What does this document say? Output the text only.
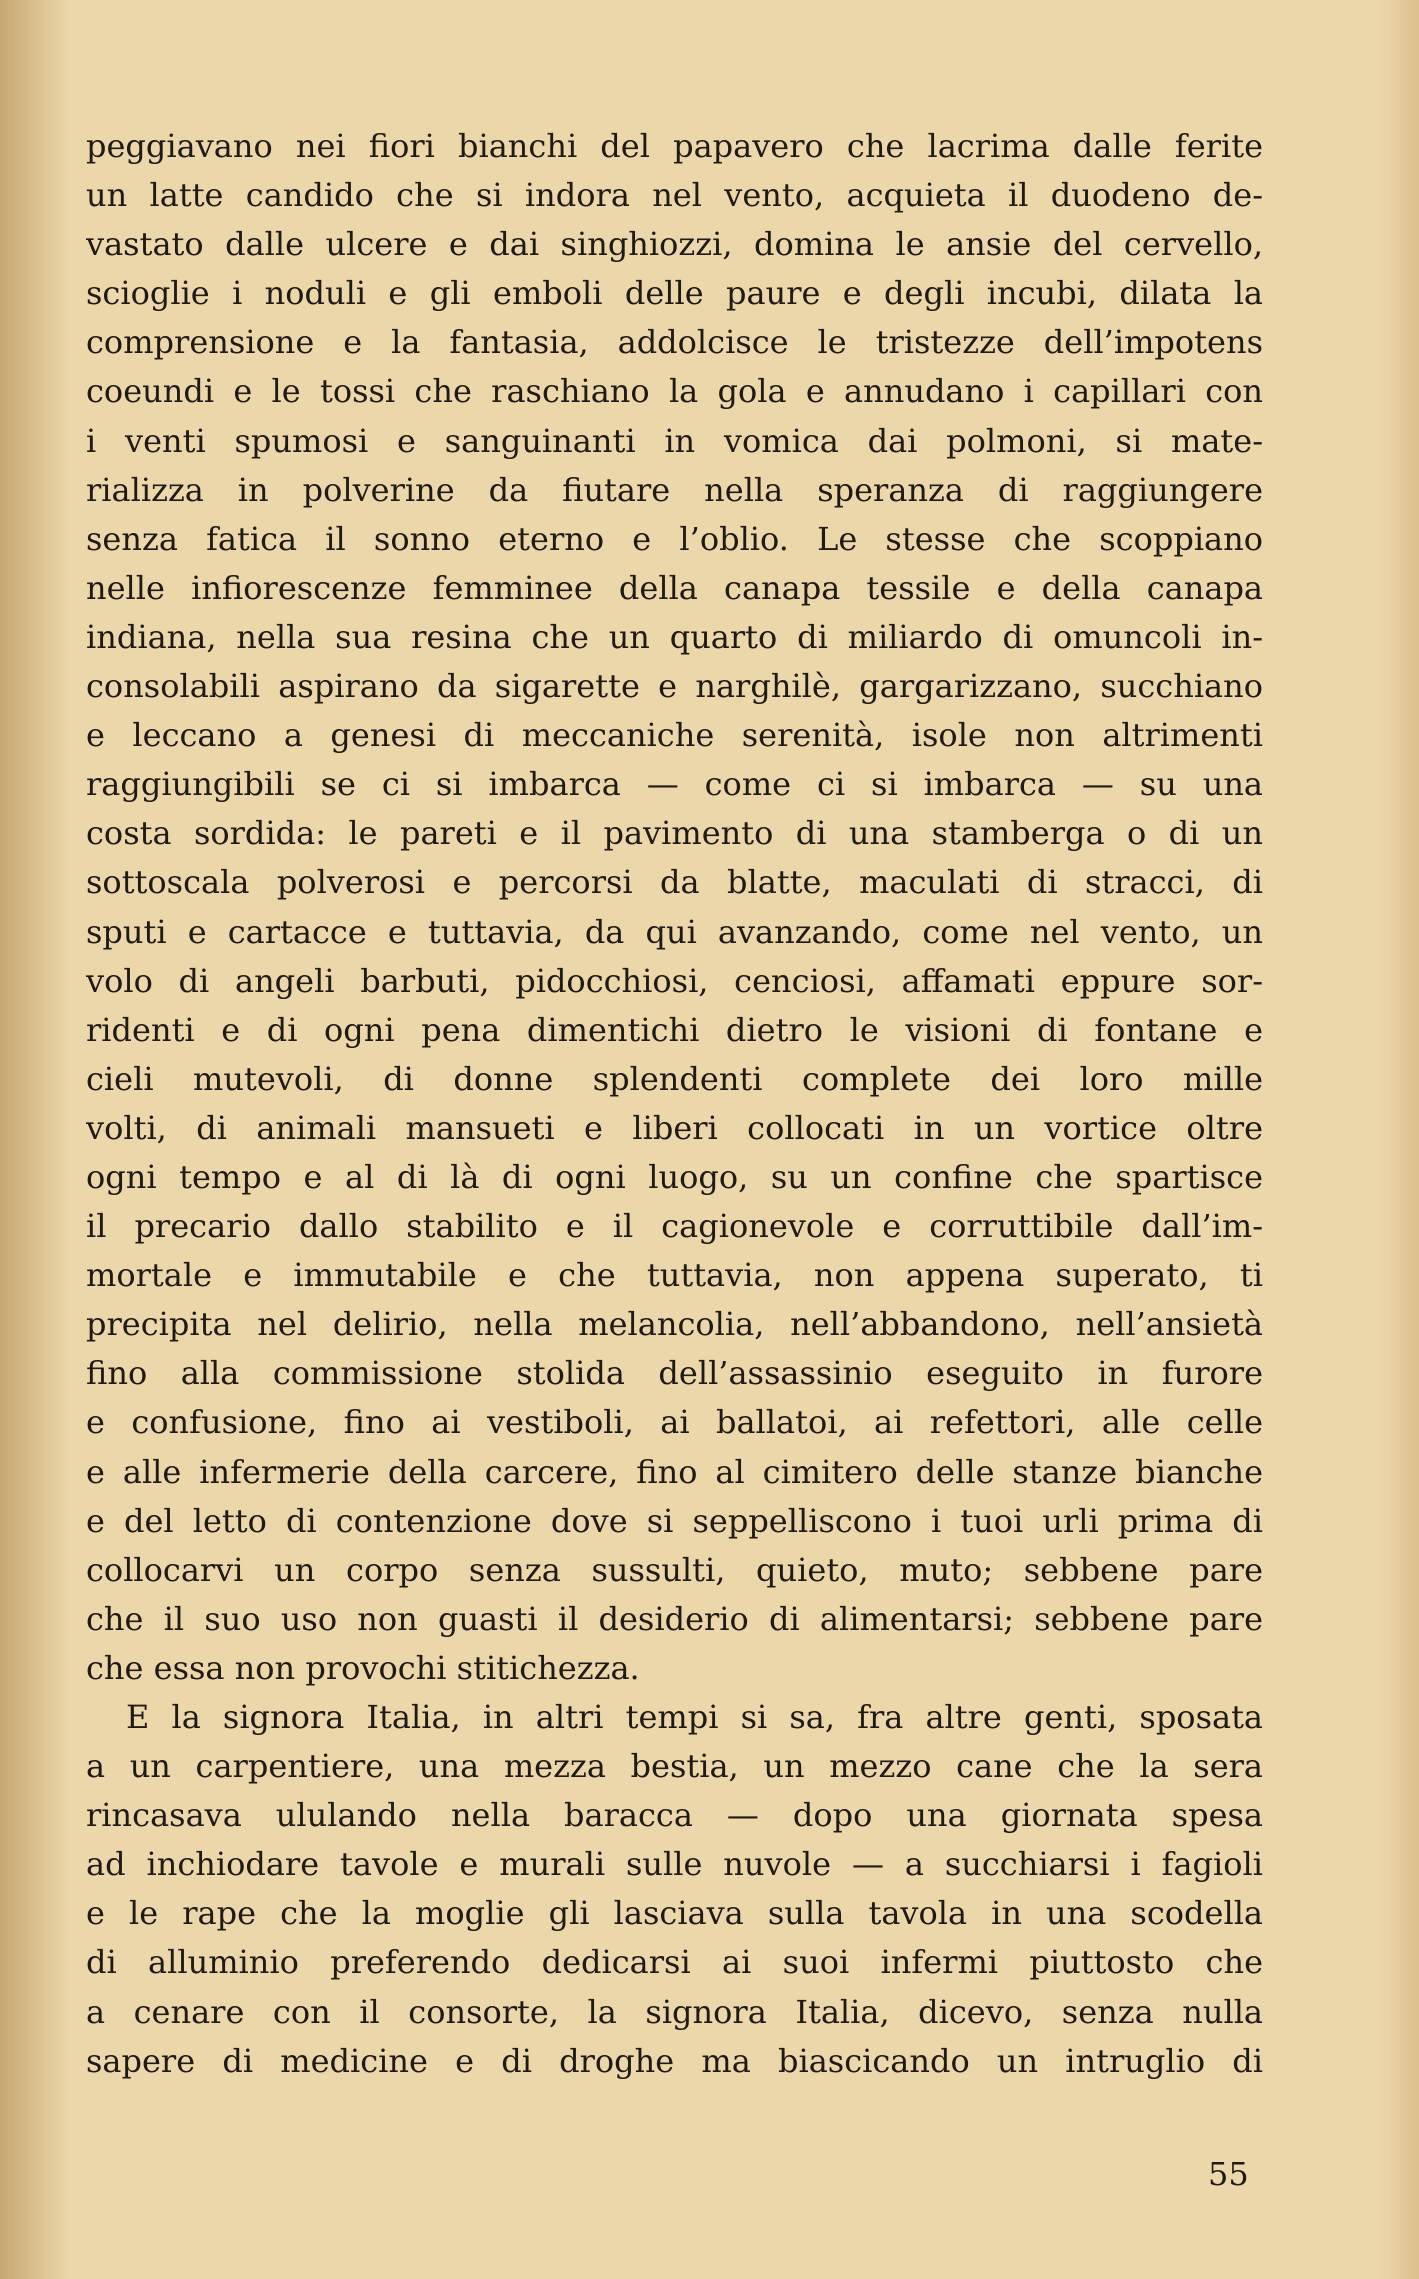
peggiavano nei fiori bianchi del papavero che lacrima dalle ferite
un latte candido che si indora nel vento, acquieta il duodeno de-
vastato dalle ulcere e dai singhiozzi, domina le ansie del cervello,
scioglie i noduli e gli emboli delle paure e degli incubi, dilata la
comprensione e la fantasia, addolcisce le tristezze dell’impotens
coeundi e le tossi che raschiano la gola e annudano i capillari con
i venti spumosi e sanguinanti in vomica dai polmoni, si mate-
rializza in polverine da fiutare nella speranza di raggiungere
senza fatica il sonno eterno e l’oblio. Le stesse che scoppiano
nelle infiorescenze femminee della canapa tessile e della canapa
indiana, nella sua resina che un quarto di miliardo di omuncoli in-
consolabili aspirano da sigarette e narghilè, gargarizzano, succhiano
e leccano a genesi di meccaniche serenità, isole non altrimenti
raggiungibili se ci si imbarca — come ci si imbarca — su una
costa sordida: le pareti e il pavimento di una stamberga o di un
sottoscala polverosi e percorsi da blatte, maculati di stracci, di
sputi e cartacce e tuttavia, da qui avanzando, come nel vento, un
volo di angeli barbuti, pidocchiosi, cenciosi, affamati eppure sor-
ridenti e di ogni pena dimentichi dietro le visioni di fontane e
cieli mutevoli, di donne splendenti complete dei loro mille
volti, di animali mansueti e liberi collocati in un vortice oltre
ogni tempo e al di là di ogni luogo, su un confine che spartisce
il precario dallo stabilito e il cagionevole e corruttibile dall’im-
mortale e immutabile e che tuttavia, non appena superato, ti
precipita nel delirio, nella melancolia, nell’abbandono, nell’ansietà
fino alla commissione stolida dell’assassinio eseguito in furore
e confusione, fino ai vestiboli, ai ballatoi, ai refettori, alle celle
e alle infermerie della carcere, fino al cimitero delle stanze bianche
e del letto di contenzione dove si seppelliscono i tuoi urli prima di
collocarvi un corpo senza sussulti, quieto, muto; sebbene pare
che il suo uso non guasti il desiderio di alimentarsi; sebbene pare
che essa non provochi stitichezza.
E la signora Italia, in altri tempi si sa, fra altre genti, sposata
a un carpentiere, una mezza bestia, un mezzo cane che la sera
rincasava ululando nella baracca — dopo una giornata spesa
ad inchiodare tavole e murali sulle nuvole — a succhiarsi i fagioli
e le rape che la moglie gli lasciava sulla tavola in una scodella
di alluminio preferendo dedicarsi ai suoi infermi piuttosto che
a cenare con il consorte, la signora Italia, dicevo, senza nulla
sapere di medicine e di droghe ma biascicando un intruglio di
55
